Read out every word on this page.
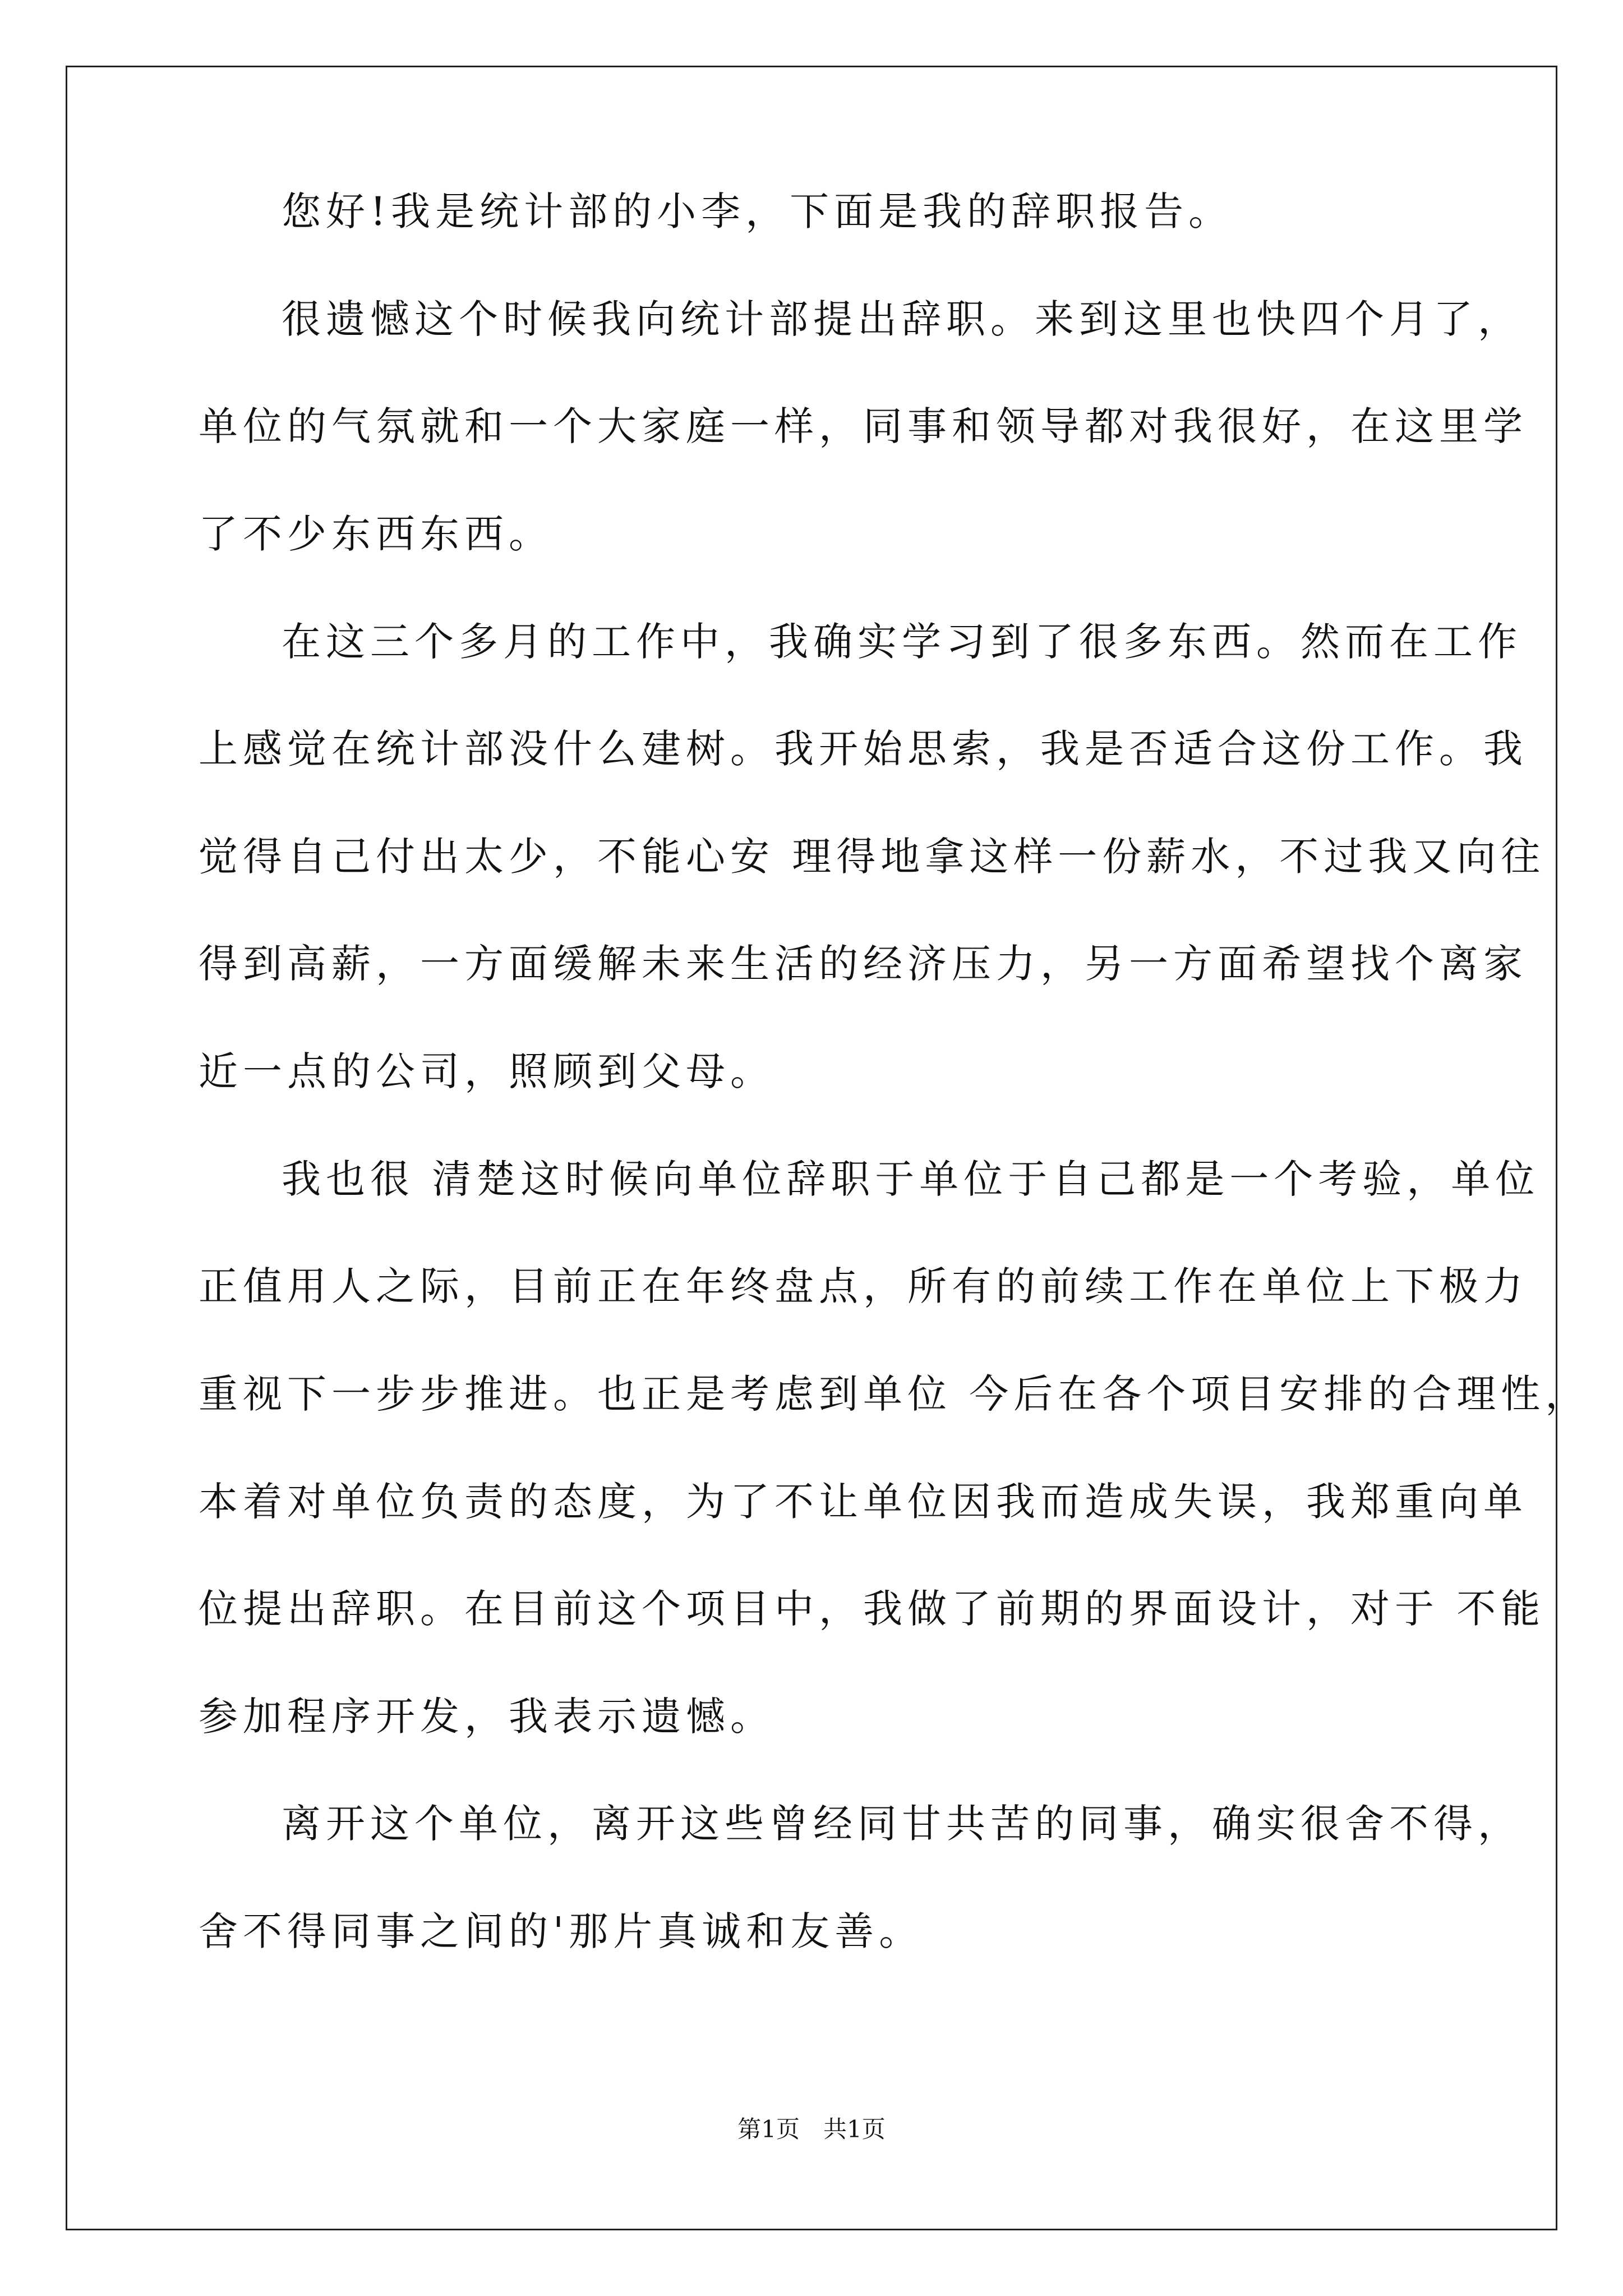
您好!我是统计部的小李，下面是我的辞职报告。
很遗憾这个时候我向统计部提出辞职。来到这里也快四个月了，
单位的气氛就和一个大家庭一样，同事和领导都对我很好，在这里学
了不少东西东西。
在这三个多月的工作中，我确实学习到了很多东西。然而在工作
上感觉在统计部没什么建树。我开始思索，我是否适合这份工作。我
觉得自己付出太少，不能心安 理得地拿这样一份薪水，不过我又向往
得到高薪，一方面缓解未来生活的经济压力，另一方面希望找个离家
近一点的公司，照顾到父母。
我也很 清楚这时候向单位辞职于单位于自己都是一个考验，单位
正值用人之际，目前正在年终盘点，所有的前续工作在单位上下极力
重视下一步步推进。也正是考虑到单位 今后在各个项目安排的合理性，
本着对单位负责的态度，为了不让单位因我而造成失误，我郑重向单
位提出辞职。在目前这个项目中，我做了前期的界面设计，对于 不能
参加程序开发，我表示遗憾。
离开这个单位，离开这些曾经同甘共苦的同事，确实很舍不得，
舍不得同事之间的'那片真诚和友善。
第1页 共1页
